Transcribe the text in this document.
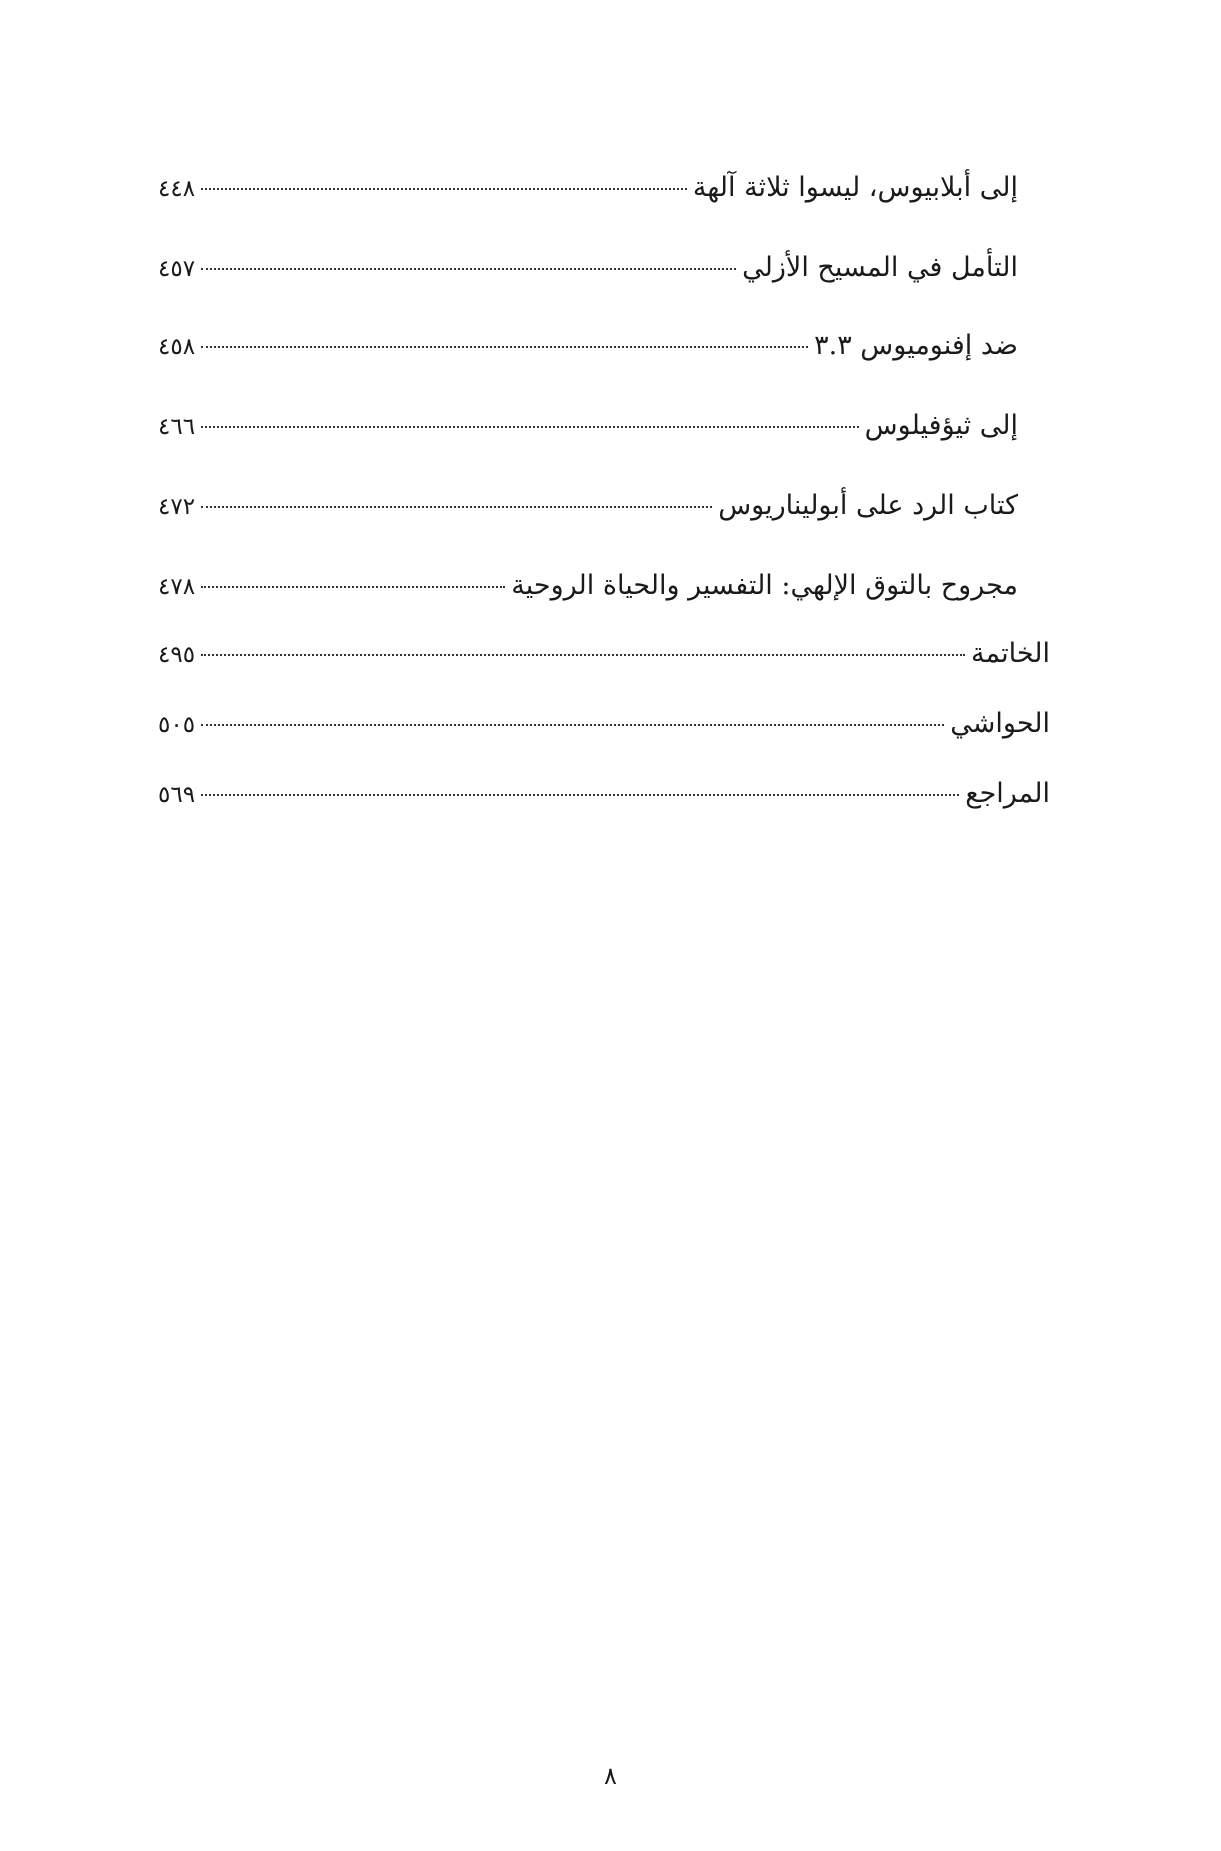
إلى أبلابيوس، ليسوا ثلاثة آلهة
٤٤٨
التأمل في المسيح الأزلي
٤٥٧
ضد إفنوميوس ٣.٣
٤٥٨
إلى ثيؤفيلوس
٤٦٦
كتاب الرد على أبوليناريوس
٤٧٢
مجروح بالتوق الإلهي: التفسير والحياة الروحية
٤٧٨
الخاتمة
٤٩٥
الحواشي
٥٠٥
المراجع
٥٦٩
٨
